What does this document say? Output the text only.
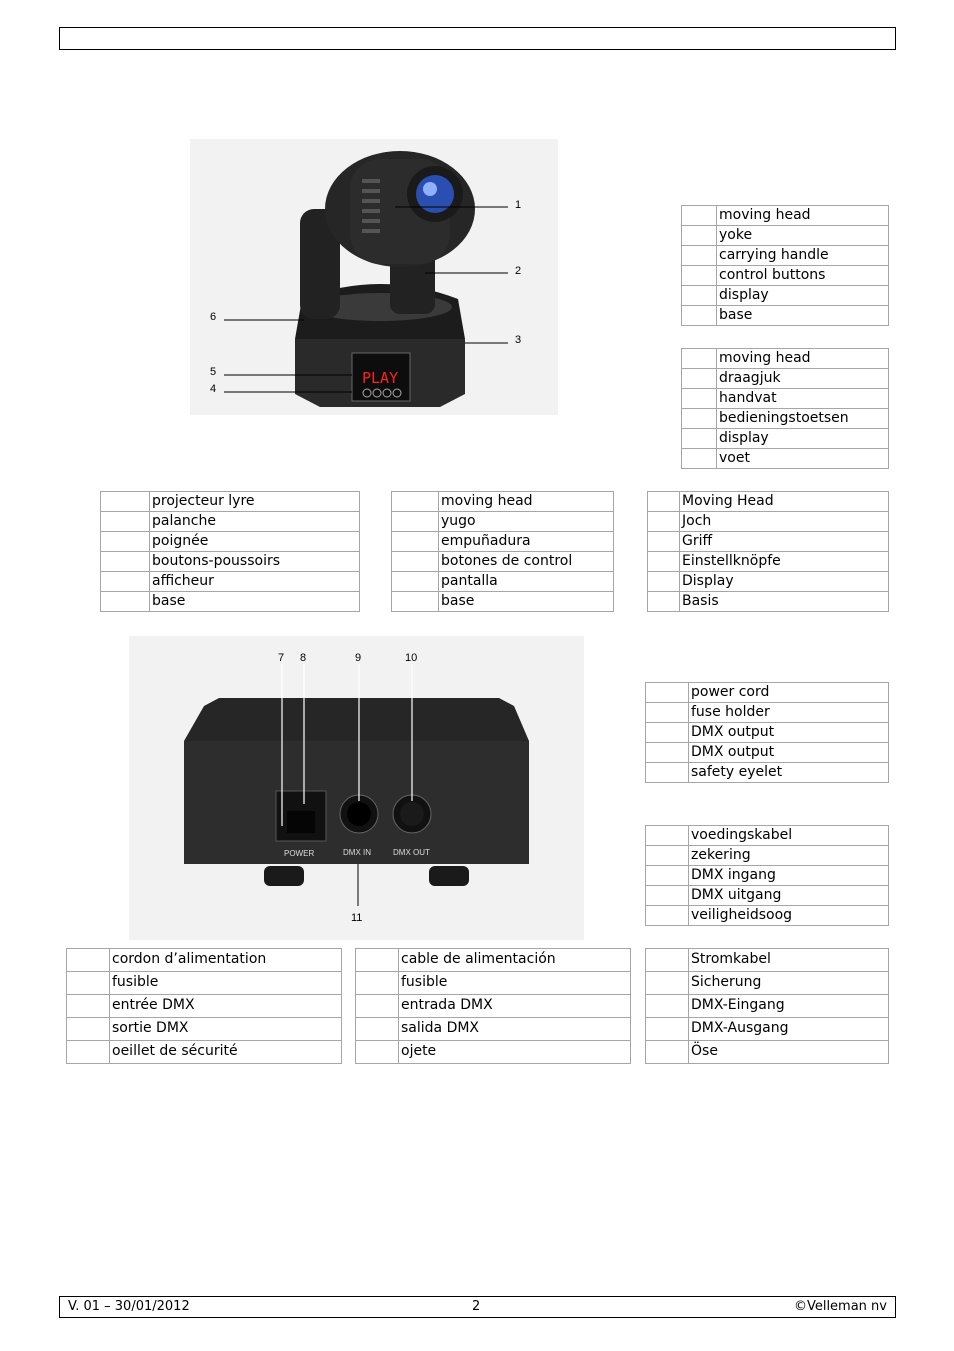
PLAY
1
2
3
4
5
6
	moving head
	yoke
	carrying handle
	control buttons
	display
	base
	moving head
	draagjuk
	handvat
	bedieningstoetsen
	display
	voet
	projecteur lyre
	palanche
	poignée
	boutons-poussoirs
	afficheur
	base
	moving head
	yugo
	empuñadura
	botones de control
	pantalla
	base
	Moving Head
	Joch
	Griff
	Einstellknöpfe
	Display
	Basis
POWER	DMX IN	DMX OUT
7 8	9	10
11
	power cord
	fuse holder
	DMX output
	DMX output
	safety eyelet
	voedingskabel
	zekering
	DMX ingang
	DMX uitgang
	veiligheidsoog
	cordon d’alimentation
	fusible
	entrée DMX
	sortie DMX
	oeillet de sécurité
	cable de alimentación
	fusible
	entrada DMX
	salida DMX
	ojete
	Stromkabel
	Sicherung
	DMX-Eingang
	DMX-Ausgang
	Öse
V. 01 – 30/01/2012	2	©Velleman nv
